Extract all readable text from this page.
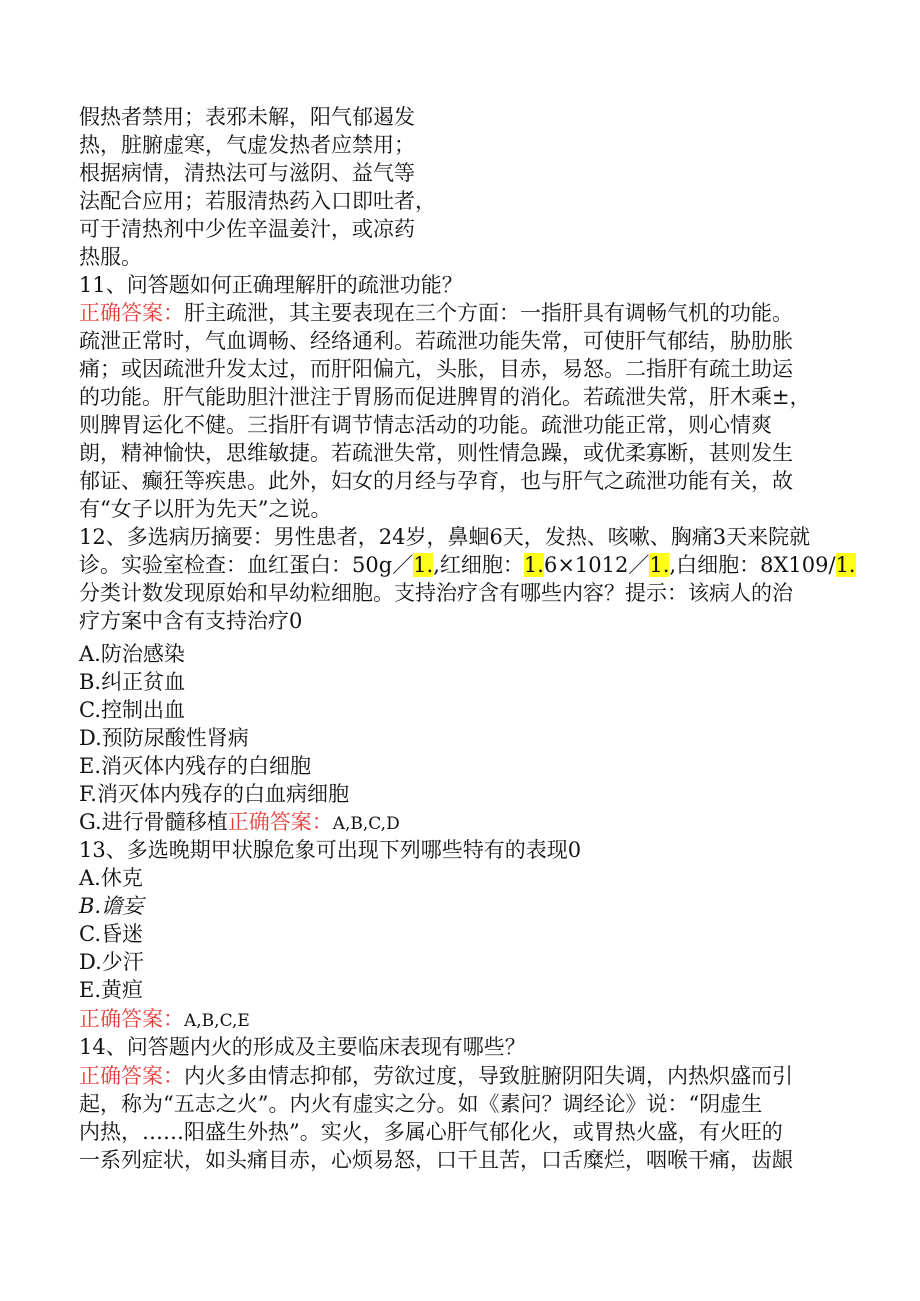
假热者禁用；表邪未解，阳气郁遏发
热，脏腑虚寒，气虚发热者应禁用；
根据病情，清热法可与滋阴、益气等
法配合应用；若服清热药入口即吐者，
可于清热剂中少佐辛温姜汁，或凉药
热服。
11、问答题如何正确理解肝的疏泄功能？
正确答案：肝主疏泄，其主要表现在三个方面：一指肝具有调畅气机的功能。
疏泄正常时，气血调畅、经络通利。若疏泄功能失常，可使肝气郁结，胁肋胀
痛；或因疏泄升发太过，而肝阳偏亢，头胀，目赤，易怒。二指肝有疏土助运
的功能。肝气能助胆汁泄注于胃肠而促进脾胃的消化。若疏泄失常，肝木乘±，
则脾胃运化不健。三指肝有调节情志活动的功能。疏泄功能正常，则心情爽
朗，精神愉快，思维敏捷。若疏泄失常，则性情急躁，或优柔寡断，甚则发生
郁证、癫狂等疾患。此外，妇女的月经与孕育，也与肝气之疏泄功能有关，故
有“女子以肝为先天”之说。
12、多选病历摘要：男性患者，24岁，鼻蛔6天，发热、咳嗽、胸痛3天来院就
诊。实验室检查：血红蛋白：50g／1.,红细胞：1.6×1012／1.,白细胞：8X109/1.
分类计数发现原始和早幼粒细胞。支持治疗含有哪些内容？提示：该病人的治
疗方案中含有支持治疗0
A.防治感染
B.纠正贫血
C.控制出血
D.预防尿酸性肾病
E.消灭体内残存的白细胞
F.消灭体内残存的白血病细胞
G.进行骨髓移植正确答案：A,B,C,D
13、多选晚期甲状腺危象可出现下列哪些特有的表现0
A.休克
B.谵妄
C.昏迷
D.少汗
E.黄疸
正确答案：A,B,C,E
14、问答题内火的形成及主要临床表现有哪些？
正确答案：内火多由情志抑郁，劳欲过度，导致脏腑阴阳失调，内热炽盛而引
起，称为“五志之火”。内火有虚实之分。如《素问？调经论》说：“阴虚生
内热，……阳盛生外热”。实火，多属心肝气郁化火，或胃热火盛，有火旺的
一系列症状，如头痛目赤，心烦易怒，口干且苦，口舌糜烂，咽喉干痛，齿龈
